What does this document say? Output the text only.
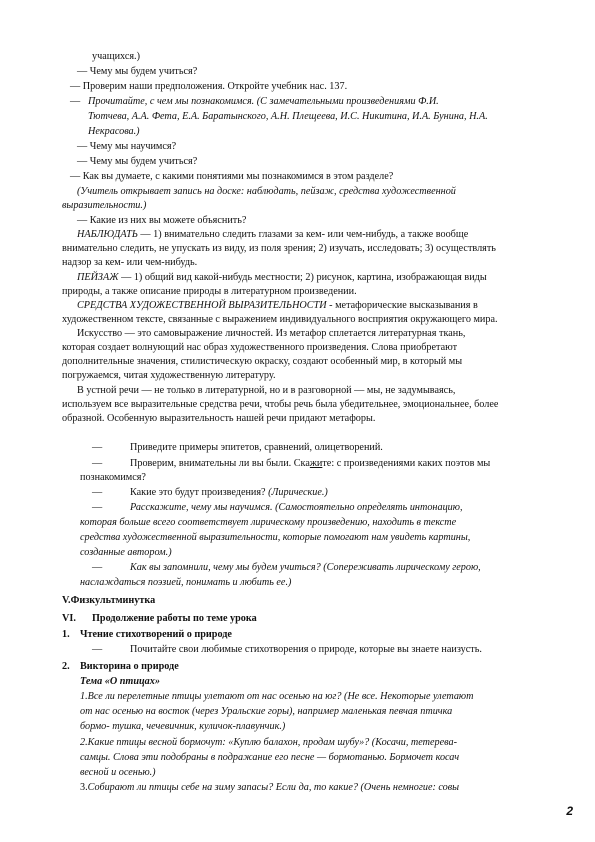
учащихся.)
— Чему мы будем учиться?
— Проверим наши предположения. Откройте учебник нас. 137.
— Прочитайте, с чем мы познакомимся. (С замечательными произведениями Ф.И.
Тютчева, А.А. Фета, Е.А. Баратынского, А.Н. Плещеева, И.С. Никитина, И.А. Бунина, Н.А.
Некрасова.)
— Чему мы научимся?
— Чему мы будем учиться?
— Как вы думаете, с какими понятиями мы познакомимся в этом разделе?
(Учитель открывает запись на доске: наблюдать, пейзаж, средства художественной
выразительности.)
— Какие из них вы можете объяснить?
НАБЛЮДАТЬ — 1) внимательно следить глазами за кем- или чем-нибудь, а также вообще
внимательно следить, не упускать из виду, из поля зрения; 2) изучать, исследовать; 3) осуществлять
надзор за кем- или чем-нибудь.
ПЕЙЗАЖ — 1) общий вид какой-нибудь местности; 2) рисунок, картина, изображающая виды
природы, а также описание природы в литературном произведении.
СРЕДСТВА ХУДОЖЕСТВЕННОЙ ВЫРАЗИТЕЛЬНОСТИ - метафорические высказывания в
художественном тексте, связанные с выражением индивидуального восприятия окружающего мира.
Искусство — это самовыражение личностей. Из метафор сплетается литературная ткань,
которая создает волнующий нас образ художественного произведения. Слова приобретают
дополнительные значения, стилистическую окраску, создают особенный мир, в который мы
погружаемся, читая художественную литературу.
В устной речи — не только в литературной, но и в разговорной — мы, не задумываясь,
используем все выразительные средства речи, чтобы речь была убедительнее, эмоциональнее, более
образной. Особенную выразительность нашей речи придают метафоры.
—	Приведите примеры эпитетов, сравнений, олицетворений.
—	Проверим, внимательны ли вы были. Скажите: с произведениями каких поэтов мы
познакомимся?
—	Какие это будут произведения? (Лирические.)
—	Расскажите, чему мы научимся. (Самостоятельно определять интонацию,
которая больше всего соответствует лирическому произведению, находить в тексте
средства художественной выразительности, которые помогают нам увидеть картины,
созданные автором.)
—	Как вы запомнили, чему мы будем учиться? (Сопереживать лирическому герою,
наслаждаться поэзией, понимать и любить ее.)
V.Физкультминутка
VI. Продолжение работы по теме урока
1. Чтение стихотворений о природе
—	Почитайте свои любимые стихотворения о природе, которые вы знаете наизусть.
2. Викторина о природе
Тема «О птицах»
1.Все ли перелетные птицы улетают от нас осенью на юг? (Не все. Некоторые улетают
от нас осенью на восток (через Уральские горы), например маленькая певчая птичка
бормо- тушка, чечевичник, куличок-плавунчик.)
2.Какие птицы весной бормочут: «Куплю балахон, продам шубу»? (Косачи, тетерева-
самцы. Слова эти подобраны в подражание его песне — бормотанью. Бормочет косач
весной и осенью.)
3.Собирают ли птицы себе на зиму запасы? Если да, то какие? (Очень немногие: совы
2
